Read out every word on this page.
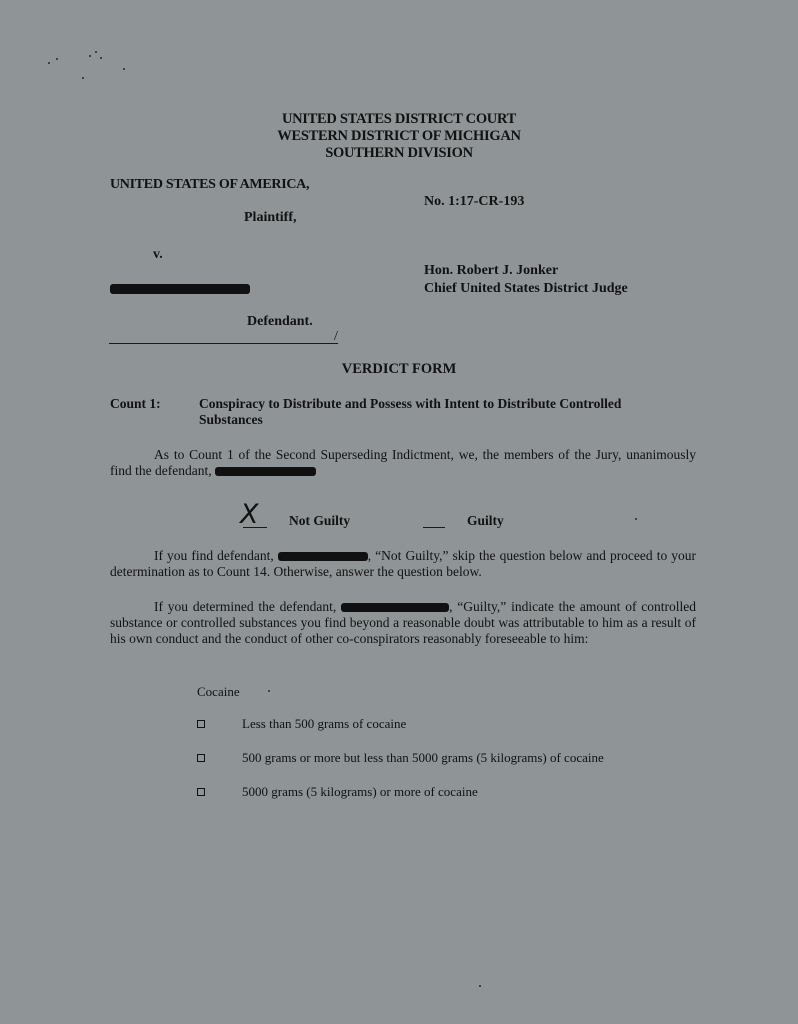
UNITED STATES DISTRICT COURT
WESTERN DISTRICT OF MICHIGAN
SOUTHERN DIVISION
UNITED STATES OF AMERICA,
Plaintiff,
v.
Defendant.
/
No. 1:17-CR-193
Hon. Robert J. Jonker
Chief United States District Judge
VERDICT FORM
Count 1:	Conspiracy to Distribute and Possess with Intent to Distribute Controlled
Substances
As to Count 1 of the Second Superseding Indictment, we, the members of the Jury, unanimously find the defendant,
X Not Guilty	Guilty
If you find defendant,	, “Not Guilty,” skip the question below and proceed to your determination as to Count 14. Otherwise, answer the question below.
If you determined the defendant,	, “Guilty,” indicate the amount of controlled substance or controlled substances you find beyond a reasonable doubt was attributable to him as a result of his own conduct and the conduct of other co-conspirators reasonably foreseeable to him:
Cocaine
Less than 500 grams of cocaine
500 grams or more but less than 5000 grams (5 kilograms) of cocaine
5000 grams (5 kilograms) or more of cocaine
